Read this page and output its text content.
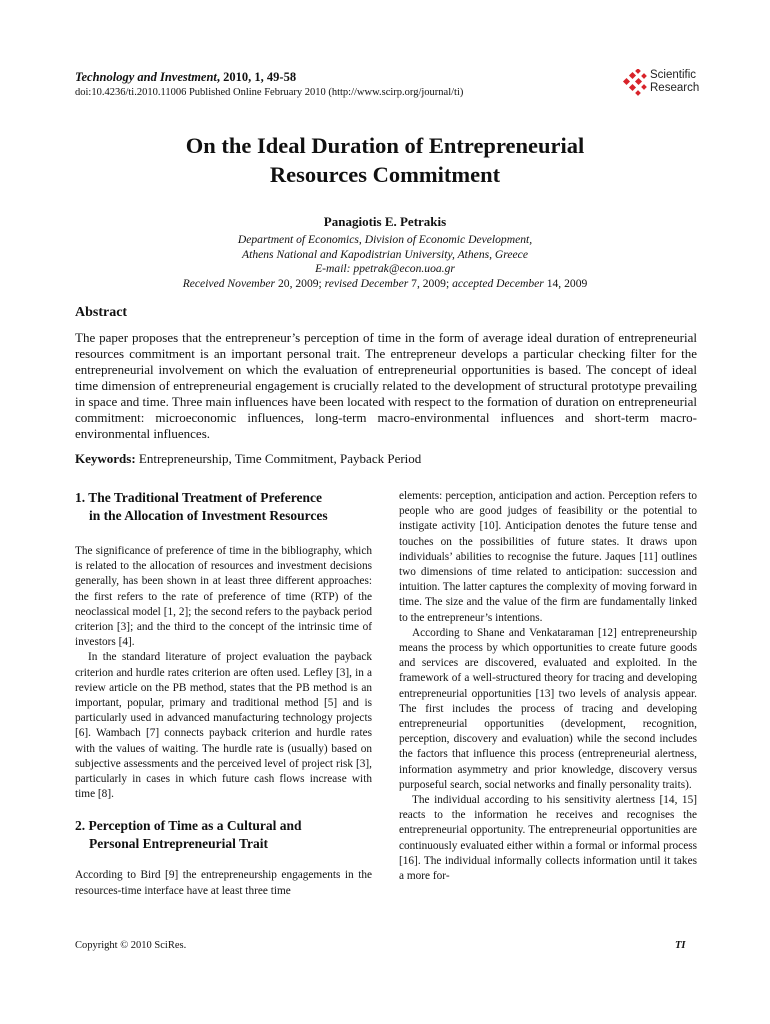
Technology and Investment, 2010, 1, 49-58
doi:10.4236/ti.2010.11006 Published Online February 2010 (http://www.scirp.org/journal/ti)
Scientific
Research
On the Ideal Duration of Entrepreneurial
Resources Commitment
Panagiotis E. Petrakis
Department of Economics, Division of Economic Development,
Athens National and Kapodistrian University, Athens, Greece
E-mail: ppetrak@econ.uoa.gr
Received November 20, 2009; revised December 7, 2009; accepted December 14, 2009
Abstract
The paper proposes that the entrepreneur’s perception of time in the form of average ideal duration of entrepreneurial resources commitment is an important personal trait. The entrepreneur develops a particular checking filter for the entrepreneurial involvement on which the evaluation of entrepreneurial opportunities is based. The concept of ideal time dimension of entrepreneurial engagement is crucially related to the development of structural prototype prevailing in space and time. Three main influences have been located with respect to the formation of duration on entrepreneurial commitment: microeconomic influences, long-term macro-environmental influences and short-term macro-environmental influences.
Keywords: Entrepreneurship, Time Commitment, Payback Period
1. The Traditional Treatment of Preference
in the Allocation of Investment Resources

The significance of preference of time in the bibliography, which is related to the allocation of resources and investment decisions generally, has been shown in at least three different approaches: the first refers to the rate of preference of time (RTP) of the neoclassical model [1, 2]; the second refers to the payback period criterion [3]; and the third to the concept of the intrinsic time of investors [4].

In the standard literature of project evaluation the payback criterion and hurdle rates criterion are often used. Lefley [3], in a review article on the PB method, states that the PB method is an important, popular, primary and traditional method [5] and is particularly used in advanced manufacturing technology projects [6]. Wambach [7] connects payback criterion and hurdle rates with the values of waiting. The hurdle rate is (usually) based on subjective assessments and the perceived level of project risk [3], particularly in cases in which future cash flows increase with time [8].

2. Perception of Time as a Cultural and
Personal Entrepreneurial Trait

According to Bird [9] the entrepreneurship engagements in the resources-time interface have at least three time

elements: perception, anticipation and action. Perception refers to people who are good judges of feasibility or the potential to instigate activity [10]. Anticipation denotes the future tense and touches on the possibilities of future states. It draws upon individuals’ abilities to recognise the future. Jaques [11] outlines two dimensions of time related to anticipation: succession and intuition. The latter captures the complexity of moving forward in time. The size and the value of the firm are fundamentally linked to the entrepreneur’s intentions.

According to Shane and Venkataraman [12] entrepreneurship means the process by which opportunities to create future goods and services are discovered, evaluated and exploited. In the framework of a well-structured theory for tracing and developing entrepreneurial opportunities [13] two levels of analysis appear. The first includes the process of tracing and developing entrepreneurial opportunities (development, recognition, perception, discovery and evaluation) while the second includes the factors that influence this process (entrepreneurial alertness, information asymmetry and prior knowledge, discovery versus purposeful search, social networks and finally personality traits).

The individual according to his sensitivity alertness [14, 15] reacts to the information he receives and recognises the entrepreneurial opportunity. The entrepreneurial opportunities are continuously evaluated either within a formal or informal process [16]. The individual informally collects information until it takes a more for-

Copyright © 2010 SciRes.	TI
